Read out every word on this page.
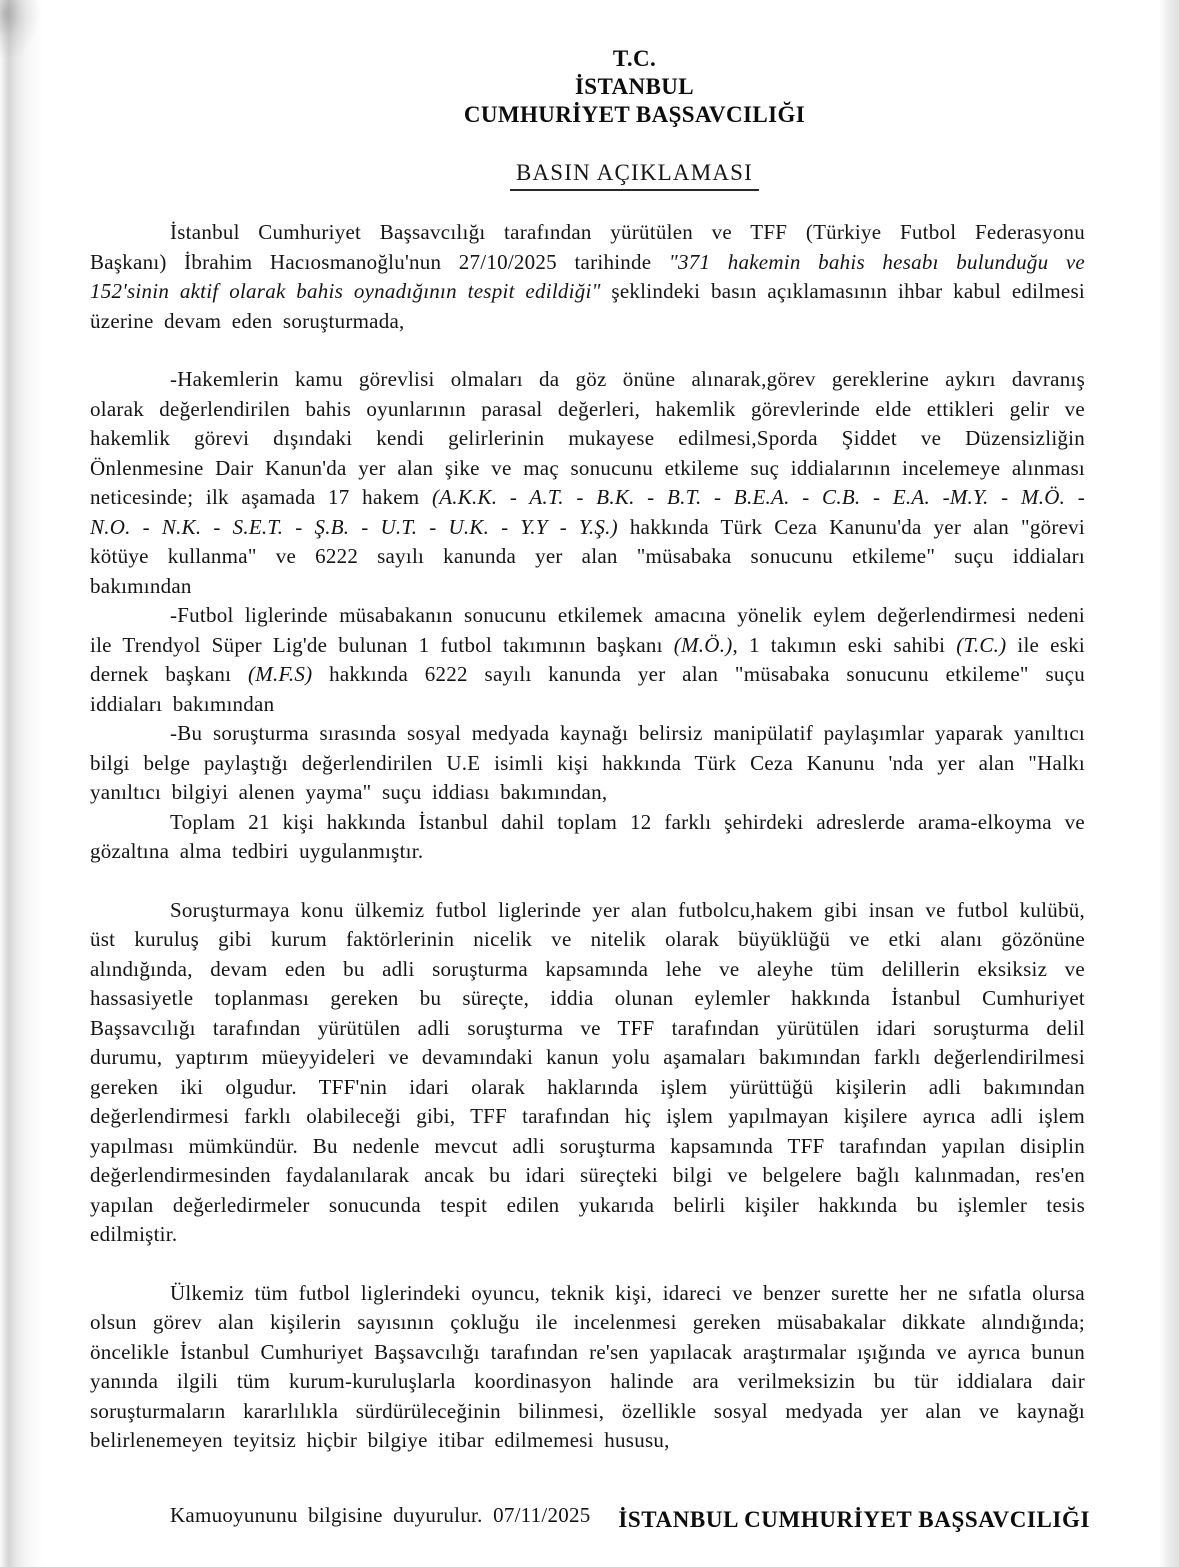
T.C.
İSTANBUL
CUMHURİYET BAŞSAVCILIĞI
BASIN AÇIKLAMASI

İstanbul Cumhuriyet Başsavcılığı tarafından yürütülen ve TFF (Türkiye Futbol Federasyonu Başkanı) İbrahim Hacıosmanoğlu'nun 27/10/2025 tarihinde "371 hakemin bahis hesabı bulunduğu ve 152'sinin aktif olarak bahis oynadığının tespit edildiği" şeklindeki basın açıklamasının ihbar kabul edilmesi üzerine devam eden soruşturmada,

-Hakemlerin kamu görevlisi olmaları da göz önüne alınarak,görev gereklerine aykırı davranış olarak değerlendirilen bahis oyunlarının parasal değerleri, hakemlik görevlerinde elde ettikleri gelir ve hakemlik görevi dışındaki kendi gelirlerinin mukayese edilmesi,Sporda Şiddet ve Düzensizliğin Önlenmesine Dair Kanun'da yer alan şike ve maç sonucunu etkileme suç iddialarının incelemeye alınması neticesinde; ilk aşamada 17 hakem (A.K.K. - A.T. - B.K. - B.T. - B.E.A. - C.B. - E.A. -M.Y. - M.Ö. - N.O. - N.K. - S.E.T. - Ş.B. - U.T. - U.K. - Y.Y - Y.Ş.) hakkında Türk Ceza Kanunu'da yer alan "görevi kötüye kullanma" ve 6222 sayılı kanunda yer alan "müsabaka sonucunu etkileme" suçu iddiaları bakımından

-Futbol liglerinde müsabakanın sonucunu etkilemek amacına yönelik eylem değerlendirmesi nedeni ile Trendyol Süper Lig'de bulunan 1 futbol takımının başkanı (M.Ö.), 1 takımın eski sahibi (T.C.) ile eski dernek başkanı (M.F.S) hakkında 6222 sayılı kanunda yer alan "müsabaka sonucunu etkileme" suçu iddiaları bakımından

-Bu soruşturma sırasında sosyal medyada kaynağı belirsiz manipülatif paylaşımlar yaparak yanıltıcı bilgi belge paylaştığı değerlendirilen U.E isimli kişi hakkında Türk Ceza Kanunu 'nda yer alan "Halkı yanıltıcı bilgiyi alenen yayma" suçu iddiası bakımından,

Toplam 21 kişi hakkında İstanbul dahil toplam 12 farklı şehirdeki adreslerde arama-elkoyma ve gözaltına alma tedbiri uygulanmıştır.

Soruşturmaya konu ülkemiz futbol liglerinde yer alan futbolcu,hakem gibi insan ve futbol kulübü, üst kuruluş gibi kurum faktörlerinin nicelik ve nitelik olarak büyüklüğü ve etki alanı gözönüne alındığında, devam eden bu adli soruşturma kapsamında lehe ve aleyhe tüm delillerin eksiksiz ve hassasiyetle toplanması gereken bu süreçte, iddia olunan eylemler hakkında İstanbul Cumhuriyet Başsavcılığı tarafından yürütülen adli soruşturma ve TFF tarafından yürütülen idari soruşturma delil durumu, yaptırım müeyyideleri ve devamındaki kanun yolu aşamaları bakımından farklı değerlendirilmesi gereken iki olgudur. TFF'nin idari olarak haklarında işlem yürüttüğü kişilerin adli bakımından değerlendirmesi farklı olabileceği gibi, TFF tarafından hiç işlem yapılmayan kişilere ayrıca adli işlem yapılması mümkündür. Bu nedenle mevcut adli soruşturma kapsamında TFF tarafından yapılan disiplin değerlendirmesinden faydalanılarak ancak bu idari süreçteki bilgi ve belgelere bağlı kalınmadan, res'en yapılan değerledirmeler sonucunda tespit edilen yukarıda belirli kişiler hakkında bu işlemler tesis edilmiştir.

Ülkemiz tüm futbol liglerindeki oyuncu, teknik kişi, idareci ve benzer surette her ne sıfatla olursa olsun görev alan kişilerin sayısının çokluğu ile incelenmesi gereken müsabakalar dikkate alındığında; öncelikle İstanbul Cumhuriyet Başsavcılığı tarafından re'sen yapılacak araştırmalar ışığında ve ayrıca bunun yanında ilgili tüm kurum-kuruluşlarla koordinasyon halinde ara verilmeksizin bu tür iddialara dair soruşturmaların kararlılıkla sürdürüleceğinin bilinmesi, özellikle sosyal medyada yer alan ve kaynağı belirlenemeyen teyitsiz hiçbir bilgiye itibar edilmemesi hususu,

Kamuoyununu bilgisine duyurulur. 07/11/2025	İSTANBUL CUMHURİYET BAŞSAVCILIĞI
